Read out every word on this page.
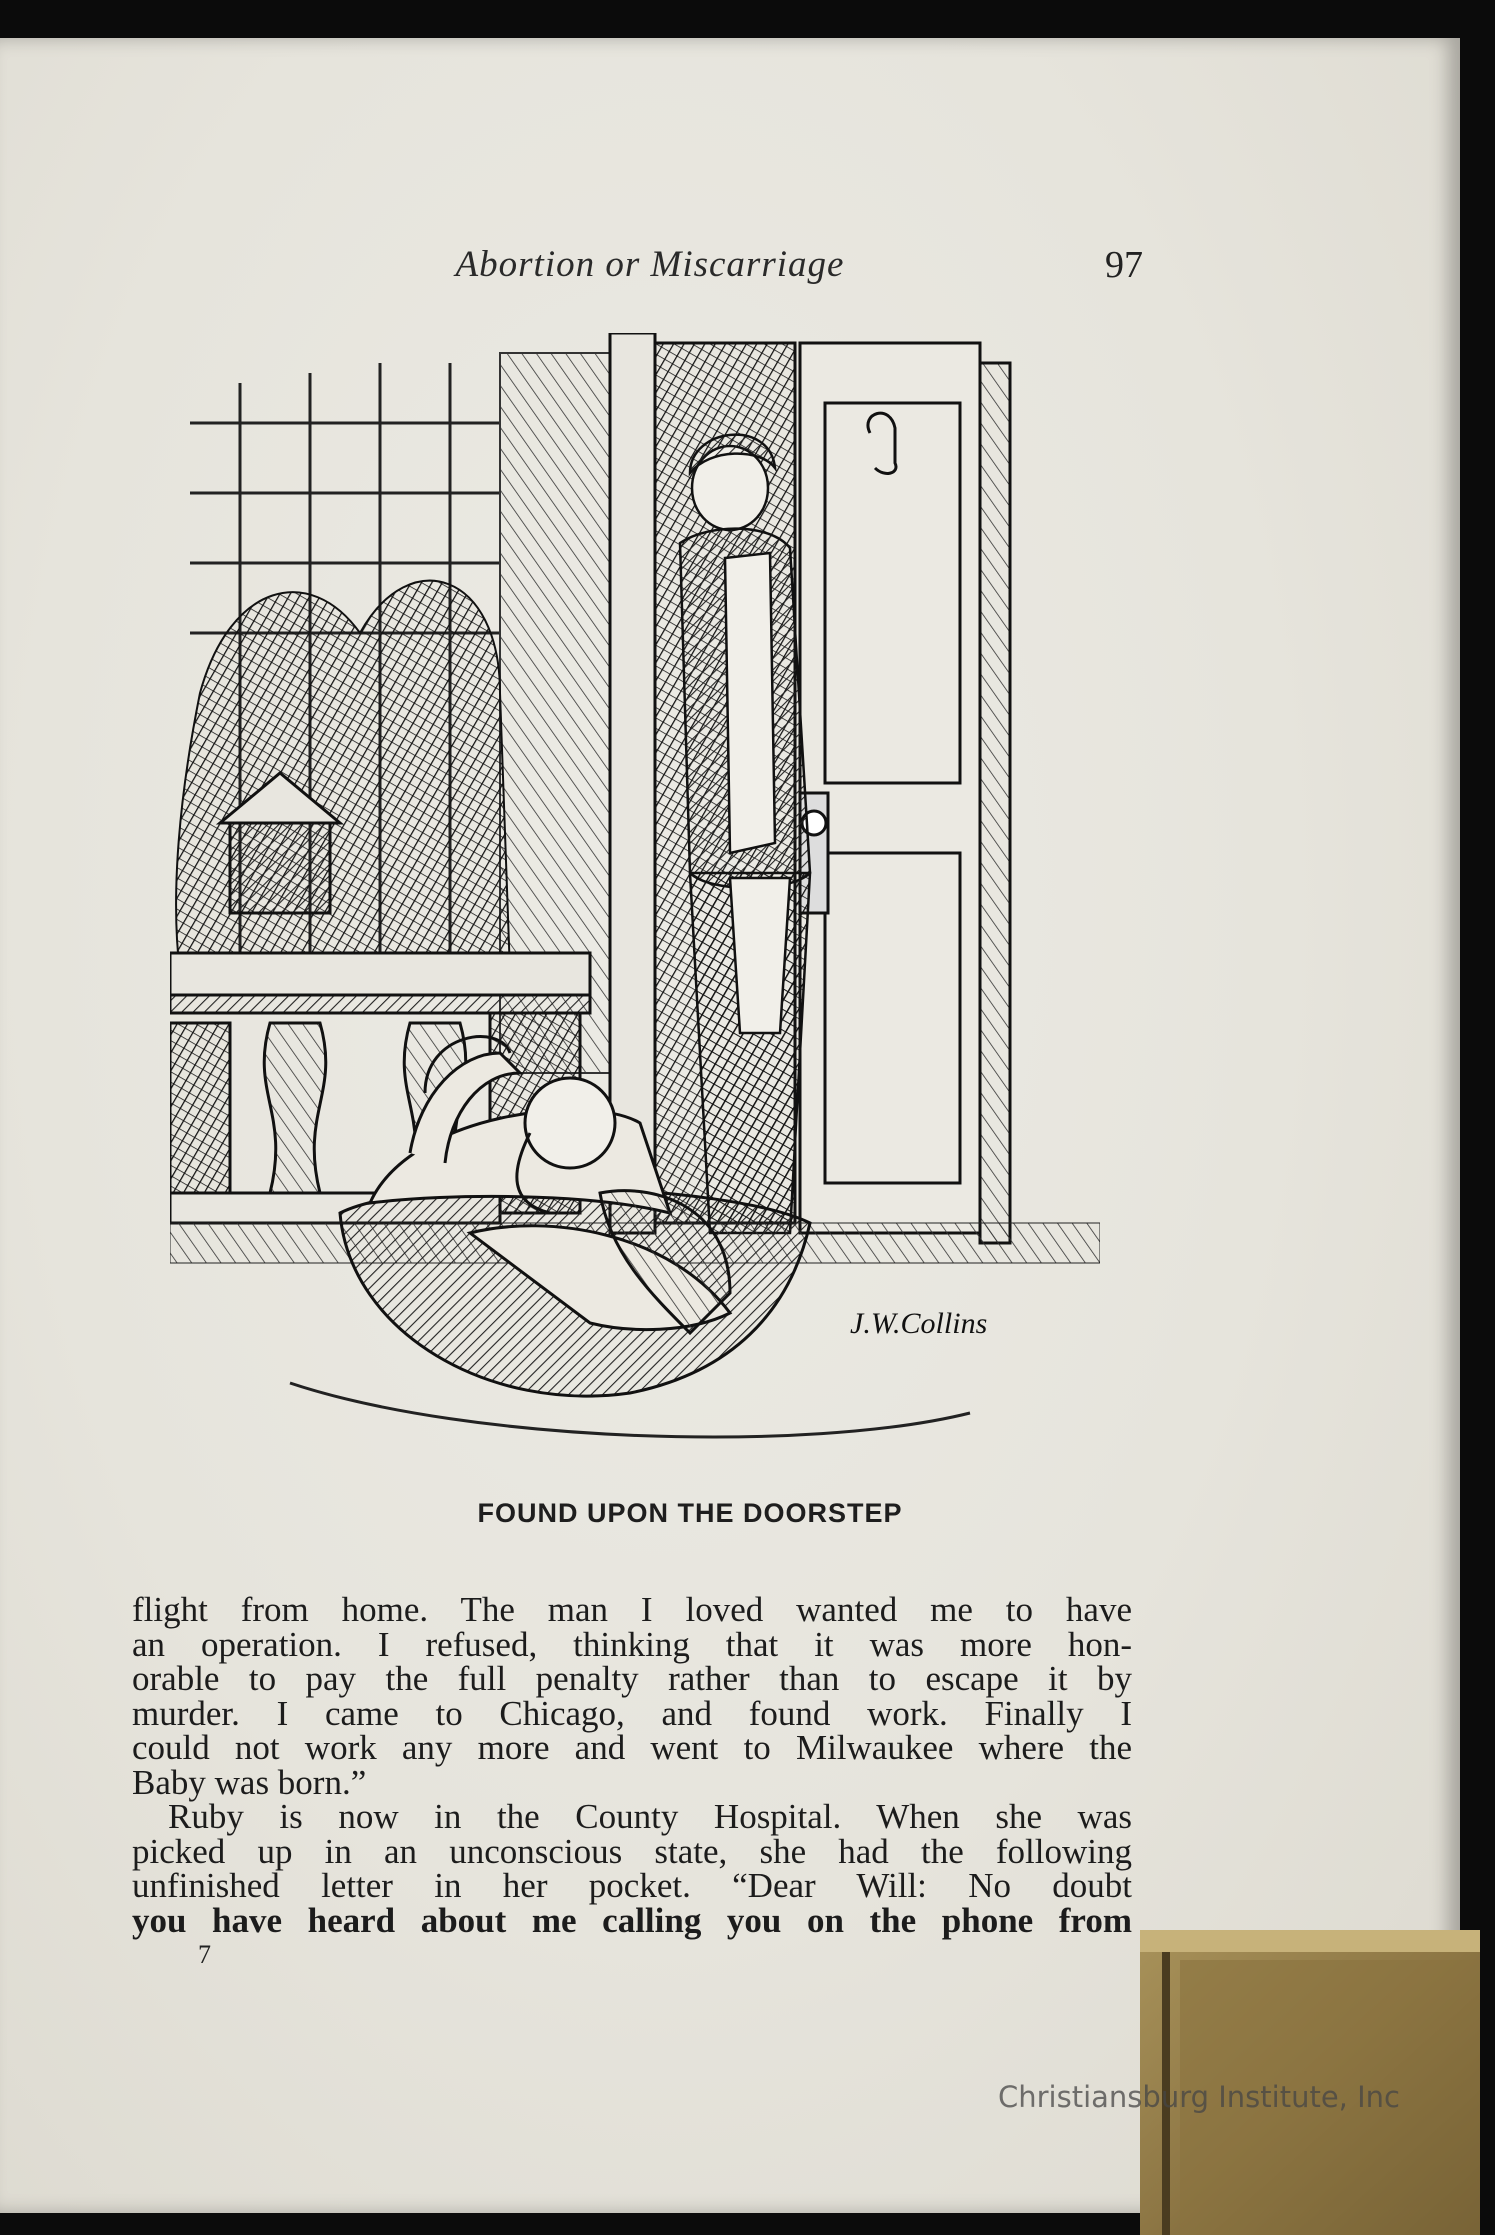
Abortion or Miscarriage	97
J.W.Collins
FOUND UPON THE DOORSTEP
flight from home. The man I loved wanted me to have
an operation. I refused, thinking that it was more hon-
orable to pay the full penalty rather than to escape it by
murder. I came to Chicago, and found work. Finally I
could not work any more and went to Milwaukee where the
Baby was born.”
Ruby is now in the County Hospital. When she was
picked up in an unconscious state, she had the following
unfinished letter in her pocket. “Dear Will: No doubt
you have heard about me calling you on the phone from
7
Christiansburg Institute, Inc
